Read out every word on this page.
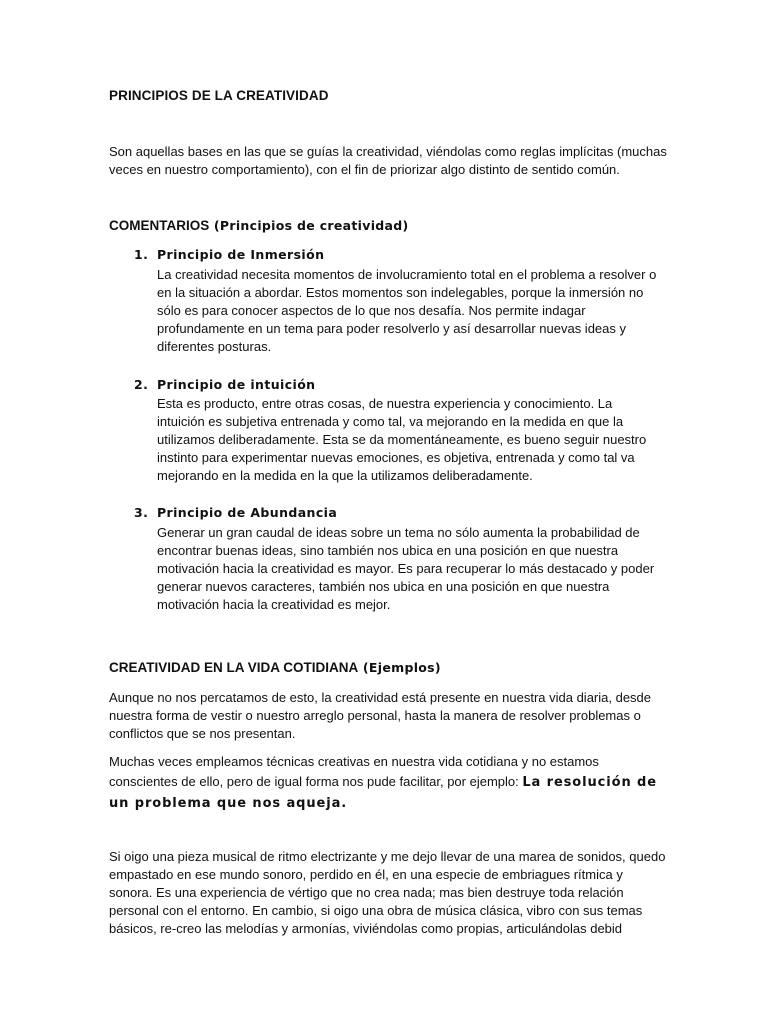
PRINCIPIOS DE LA CREATIVIDAD

Son aquellas bases en las que se guías la creatividad, viéndolas como reglas implícitas (muchas veces en nuestro comportamiento), con el fin de priorizar algo distinto de sentido común.

COMENTARIOS (Principios de creatividad)
1. Principio de Inmersión

La creatividad necesita momentos de involucramiento total en el problema a resolver o en la situación a abordar. Estos momentos son indelegables, porque la inmersión no sólo es para conocer aspectos de lo que nos desafía. Nos permite indagar profundamente en un tema para poder resolverlo y así desarrollar nuevas ideas y diferentes posturas.

2. Principio de intuición

Esta es producto, entre otras cosas, de nuestra experiencia y conocimiento. La intuición es subjetiva entrenada y como tal, va mejorando en la medida en que la utilizamos deliberadamente. Esta se da momentáneamente, es bueno seguir nuestro instinto para experimentar nuevas emociones, es objetiva, entrenada y como tal va mejorando en la medida en la que la utilizamos deliberadamente.

3. Principio de Abundancia

Generar un gran caudal de ideas sobre un tema no sólo aumenta la probabilidad de encontrar buenas ideas, sino también nos ubica en una posición en que nuestra motivación hacia la creatividad es mayor. Es para recuperar lo más destacado y poder generar nuevos caracteres, también nos ubica en una posición en que nuestra motivación hacia la creatividad es mejor.

CREATIVIDAD EN LA VIDA COTIDIANA (Ejemplos)

Aunque no nos percatamos de esto, la creatividad está presente en nuestra vida diaria, desde nuestra forma de vestir o nuestro arreglo personal, hasta la manera de resolver problemas o conflictos que se nos presentan.

Muchas veces empleamos técnicas creativas en nuestra vida cotidiana y no estamos conscientes de ello, pero de igual forma nos pude facilitar, por ejemplo: La resolución de un problema que nos aqueja.

Si oigo una pieza musical de ritmo electrizante y me dejo llevar de una marea de sonidos, quedo empastado en ese mundo sonoro, perdido en él, en una especie de embriagues rítmica y sonora. Es una experiencia de vértigo que no crea nada; mas bien destruye toda relación personal con el entorno. En cambio, si oigo una obra de música clásica, vibro con sus temas básicos, re-creo las melodías y armonías, viviéndolas como propias, articulándolas debid
